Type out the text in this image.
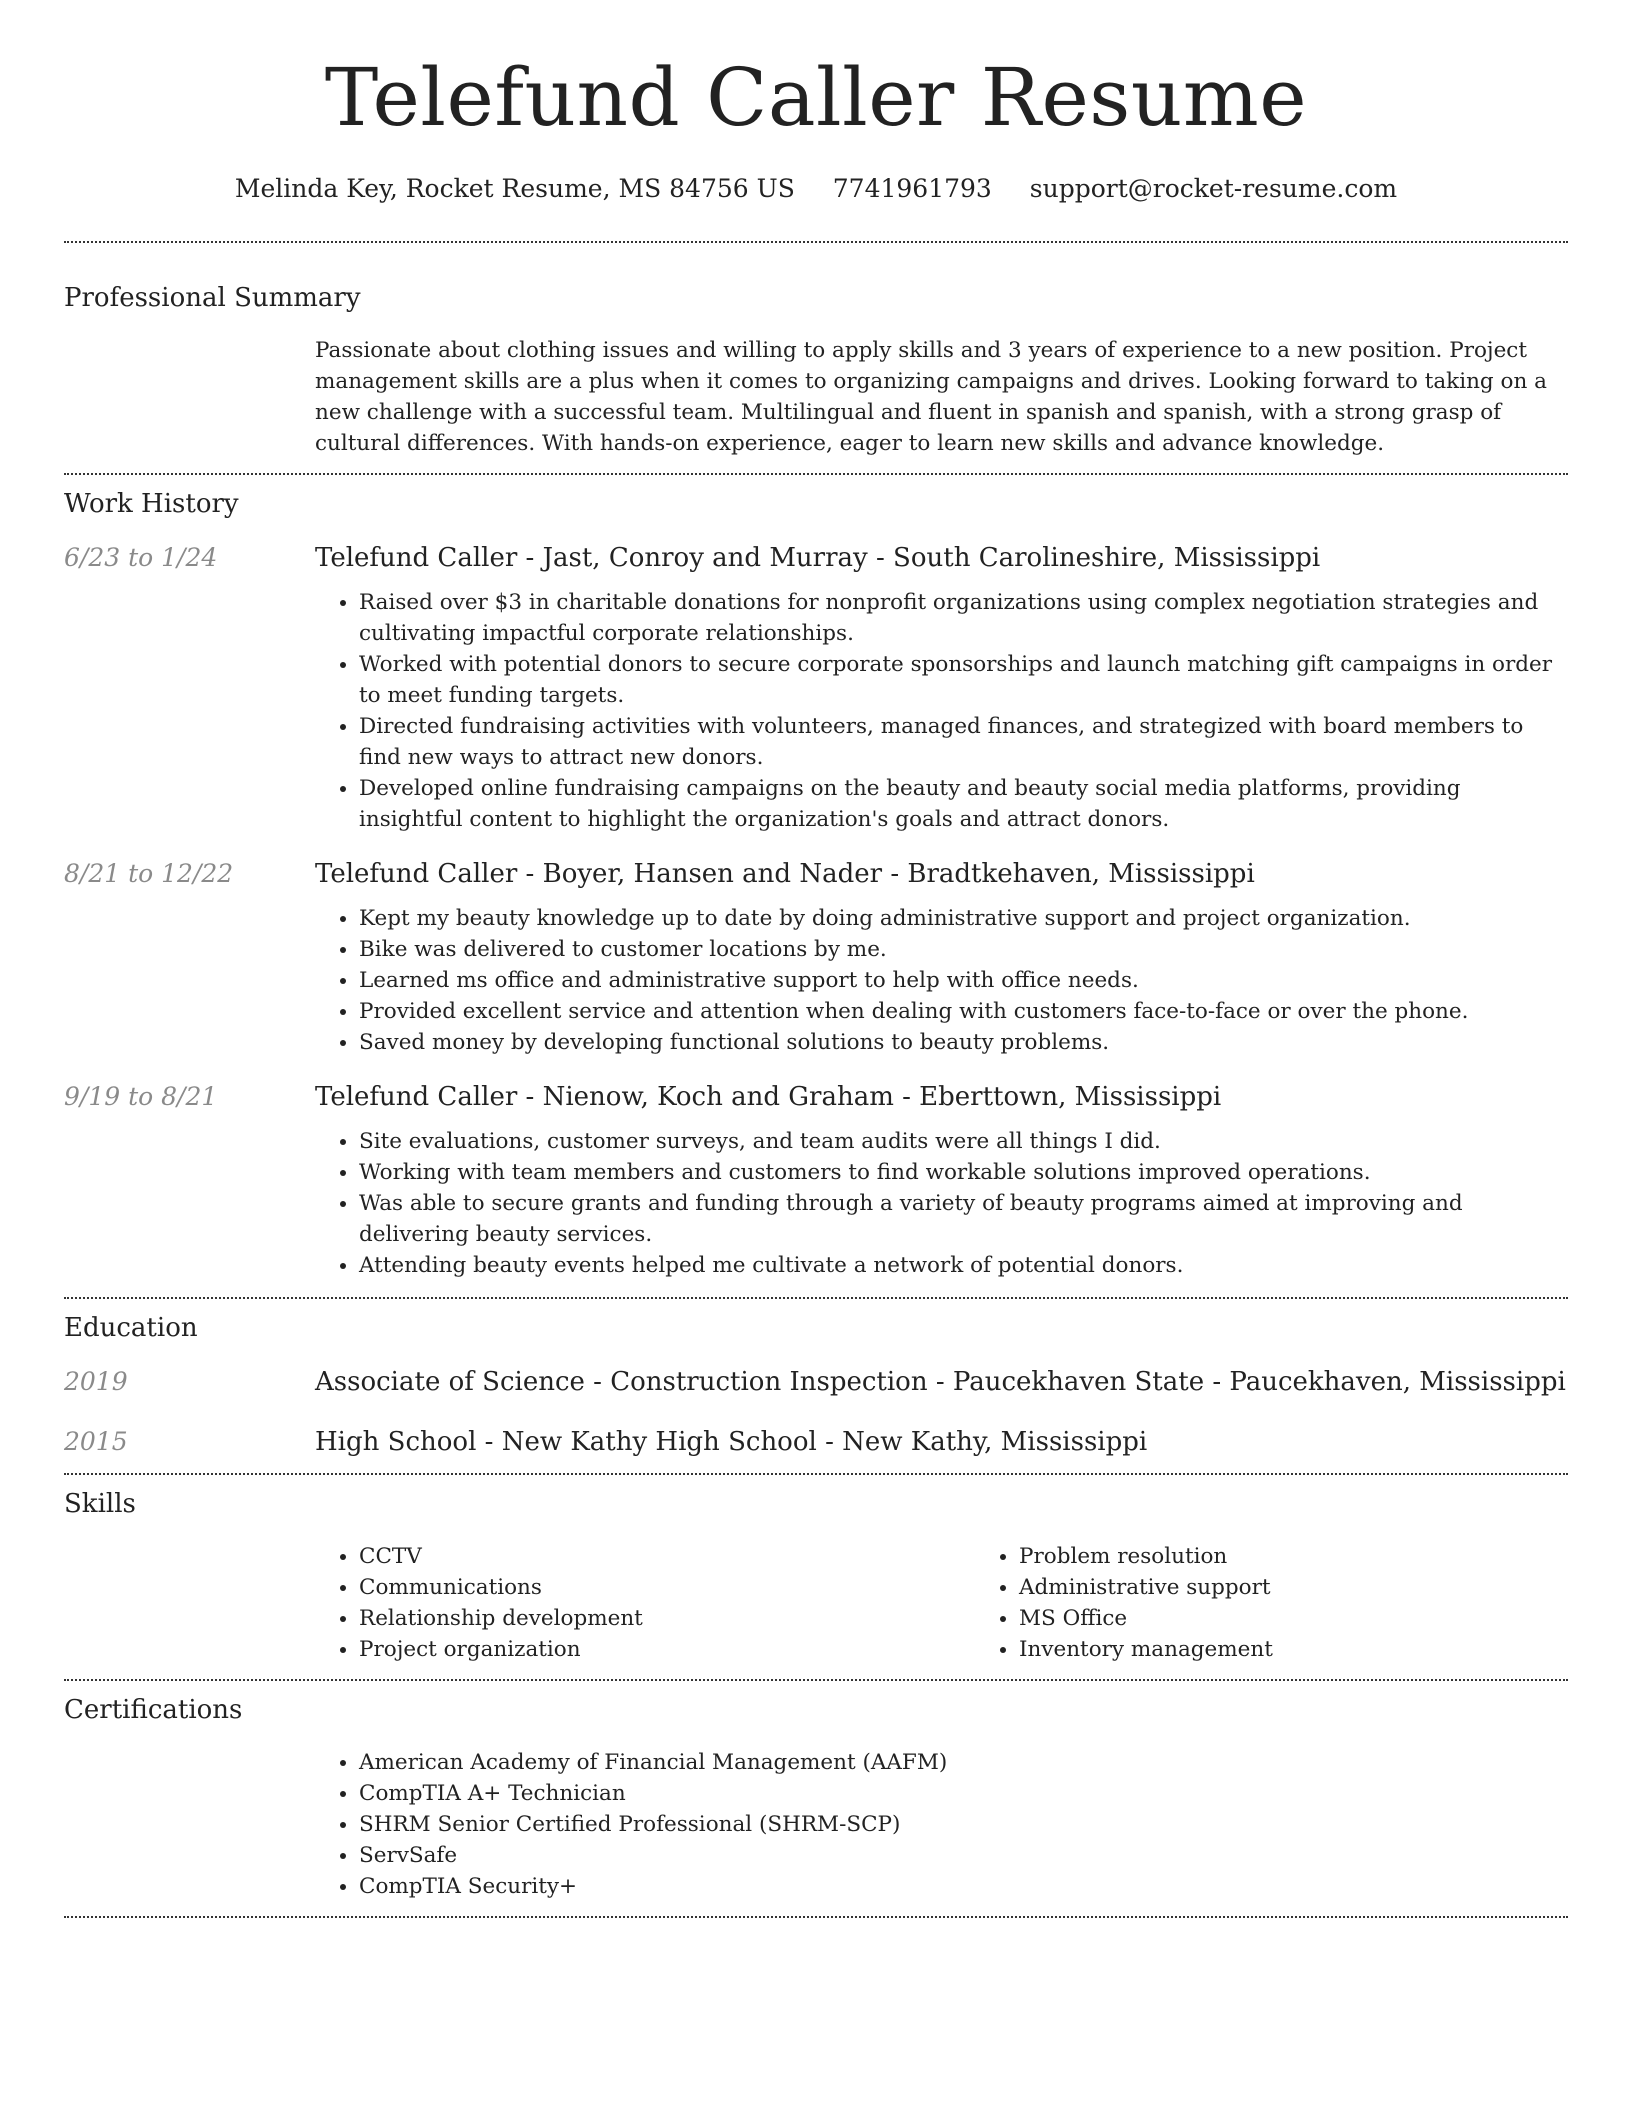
Telefund Caller Resume
Melinda Key, Rocket Resume, MS 84756 US 7741961793 support@rocket-resume.com
Professional Summary
Passionate about clothing issues and willing to apply skills and 3 years of experience to a new position. Project management skills are a plus when it comes to organizing campaigns and drives. Looking forward to taking on a new challenge with a successful team. Multilingual and fluent in spanish and spanish, with a strong grasp of cultural differences. With hands-on experience, eager to learn new skills and advance knowledge.
Work History
6/23 to 1/24	Telefund Caller - Jast, Conroy and Murray - South Carolineshire, Mississippi
• Raised over $3 in charitable donations for nonprofit organizations using complex negotiation strategies and cultivating impactful corporate relationships.
• Worked with potential donors to secure corporate sponsorships and launch matching gift campaigns in order to meet funding targets.
• Directed fundraising activities with volunteers, managed finances, and strategized with board members to find new ways to attract new donors.
• Developed online fundraising campaigns on the beauty and beauty social media platforms, providing insightful content to highlight the organization's goals and attract donors.
8/21 to 12/22	Telefund Caller - Boyer, Hansen and Nader - Bradtkehaven, Mississippi
• Kept my beauty knowledge up to date by doing administrative support and project organization.
• Bike was delivered to customer locations by me.
• Learned ms office and administrative support to help with office needs.
• Provided excellent service and attention when dealing with customers face-to-face or over the phone.
• Saved money by developing functional solutions to beauty problems.
9/19 to 8/21	Telefund Caller - Nienow, Koch and Graham - Eberttown, Mississippi
• Site evaluations, customer surveys, and team audits were all things I did.
• Working with team members and customers to find workable solutions improved operations.
• Was able to secure grants and funding through a variety of beauty programs aimed at improving and delivering beauty services.
• Attending beauty events helped me cultivate a network of potential donors.
Education
2019	Associate of Science - Construction Inspection - Paucekhaven State - Paucekhaven, Mississippi
2015	High School - New Kathy High School - New Kathy, Mississippi
Skills
• CCTV
• Communications
• Relationship development
• Project organization
• Problem resolution
• Administrative support
• MS Office
• Inventory management
Certifications
• American Academy of Financial Management (AAFM)
• CompTIA A+ Technician
• SHRM Senior Certified Professional (SHRM-SCP)
• ServSafe
• CompTIA Security+
